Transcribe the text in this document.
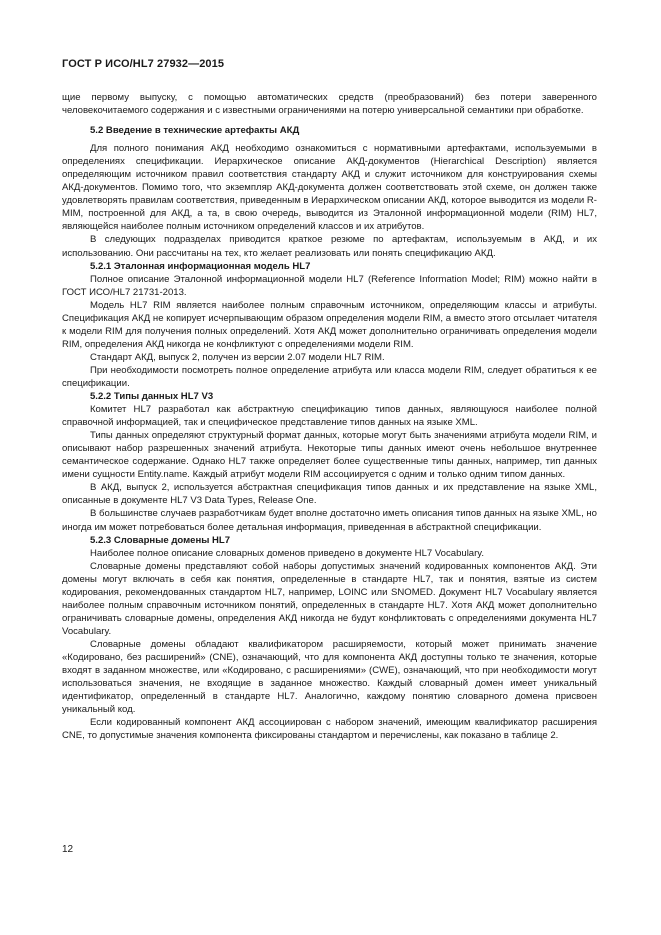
ГОСТ Р ИСО/HL7 27932—2015

щие первому выпуску, с помощью автоматических средств (преобразований) без потери заверенного человекочитаемого содержания и с известными ограничениями на потерю универсальной семантики при обработке.

5.2 Введение в технические артефакты АКД

Для полного понимания АКД необходимо ознакомиться с нормативными артефактами, используемыми в определениях спецификации. Иерархическое описание АКД-документов (Hierarchical Description) является определяющим источником правил соответствия стандарту АКД и служит источником для конструирования схемы АКД-документов. Помимо того, что экземпляр АКД-документа должен соответствовать этой схеме, он должен также удовлетворять правилам соответствия, приведенным в Иерархическом описании АКД, которое выводится из модели R-MIM, построенной для АКД, а та, в свою очередь, выводится из Эталонной информационной модели (RIM) HL7, являющейся наиболее полным источником определений классов и их атрибутов.

В следующих подразделах приводится краткое резюме по артефактам, используемым в АКД, и их использованию. Они рассчитаны на тех, кто желает реализовать или понять спецификацию АКД.

5.2.1 Эталонная информационная модель HL7

Полное описание Эталонной информационной модели HL7 (Reference Information Model; RIM) можно найти в ГОСТ ИСО/HL7 21731-2013.

Модель HL7 RIM является наиболее полным справочным источником, определяющим классы и атрибуты. Спецификация АКД не копирует исчерпывающим образом определения модели RIM, а вместо этого отсылает читателя к модели RIM для получения полных определений. Хотя АКД может дополнительно ограничивать определения модели RIM, определения АКД никогда не конфликтуют с определениями модели RIM.

Стандарт АКД, выпуск 2, получен из версии 2.07 модели HL7 RIM.

При необходимости посмотреть полное определение атрибута или класса модели RIM, следует обратиться к ее спецификации.

5.2.2 Типы данных HL7 V3

Комитет HL7 разработал как абстрактную спецификацию типов данных, являющуюся наиболее полной справочной информацией, так и специфическое представление типов данных на языке XML.

Типы данных определяют структурный формат данных, которые могут быть значениями атрибута модели RIM, и описывают набор разрешенных значений атрибута. Некоторые типы данных имеют очень небольшое внутреннее семантическое содержание. Однако HL7 также определяет более существенные типы данных, например, тип данных имени сущности Entity.name. Каждый атрибут модели RIM ассоциируется с одним и только одним типом данных.

В АКД, выпуск 2, используется абстрактная спецификация типов данных и их представление на языке XML, описанные в документе HL7 V3 Data Types, Release One.

В большинстве случаев разработчикам будет вполне достаточно иметь описания типов данных на языке XML, но иногда им может потребоваться более детальная информация, приведенная в абстрактной спецификации.

5.2.3 Словарные домены HL7

Наиболее полное описание словарных доменов приведено в документе HL7 Vocabulary.

Словарные домены представляют собой наборы допустимых значений кодированных компонентов АКД. Эти домены могут включать в себя как понятия, определенные в стандарте HL7, так и понятия, взятые из систем кодирования, рекомендованных стандартом HL7, например, LOINC или SNOMED. Документ HL7 Vocabulary является наиболее полным справочным источником понятий, определенных в стандарте HL7. Хотя АКД может дополнительно ограничивать словарные домены, определения АКД никогда не будут конфликтовать с определениями документа HL7 Vocabulary.

Словарные домены обладают квалификатором расширяемости, который может принимать значение «Кодировано, без расширений» (CNE), означающий, что для компонента АКД доступны только те значения, которые входят в заданном множестве, или «Кодировано, с расширениями» (CWE), означающий, что при необходимости могут использоваться значения, не входящие в заданное множество. Каждый словарный домен имеет уникальный идентификатор, определенный в стандарте HL7. Аналогично, каждому понятию словарного домена присвоен уникальный код.

Если кодированный компонент АКД ассоциирован с набором значений, имеющим квалификатор расширения CNE, то допустимые значения компонента фиксированы стандартом и перечислены, как показано в таблице 2.

12
